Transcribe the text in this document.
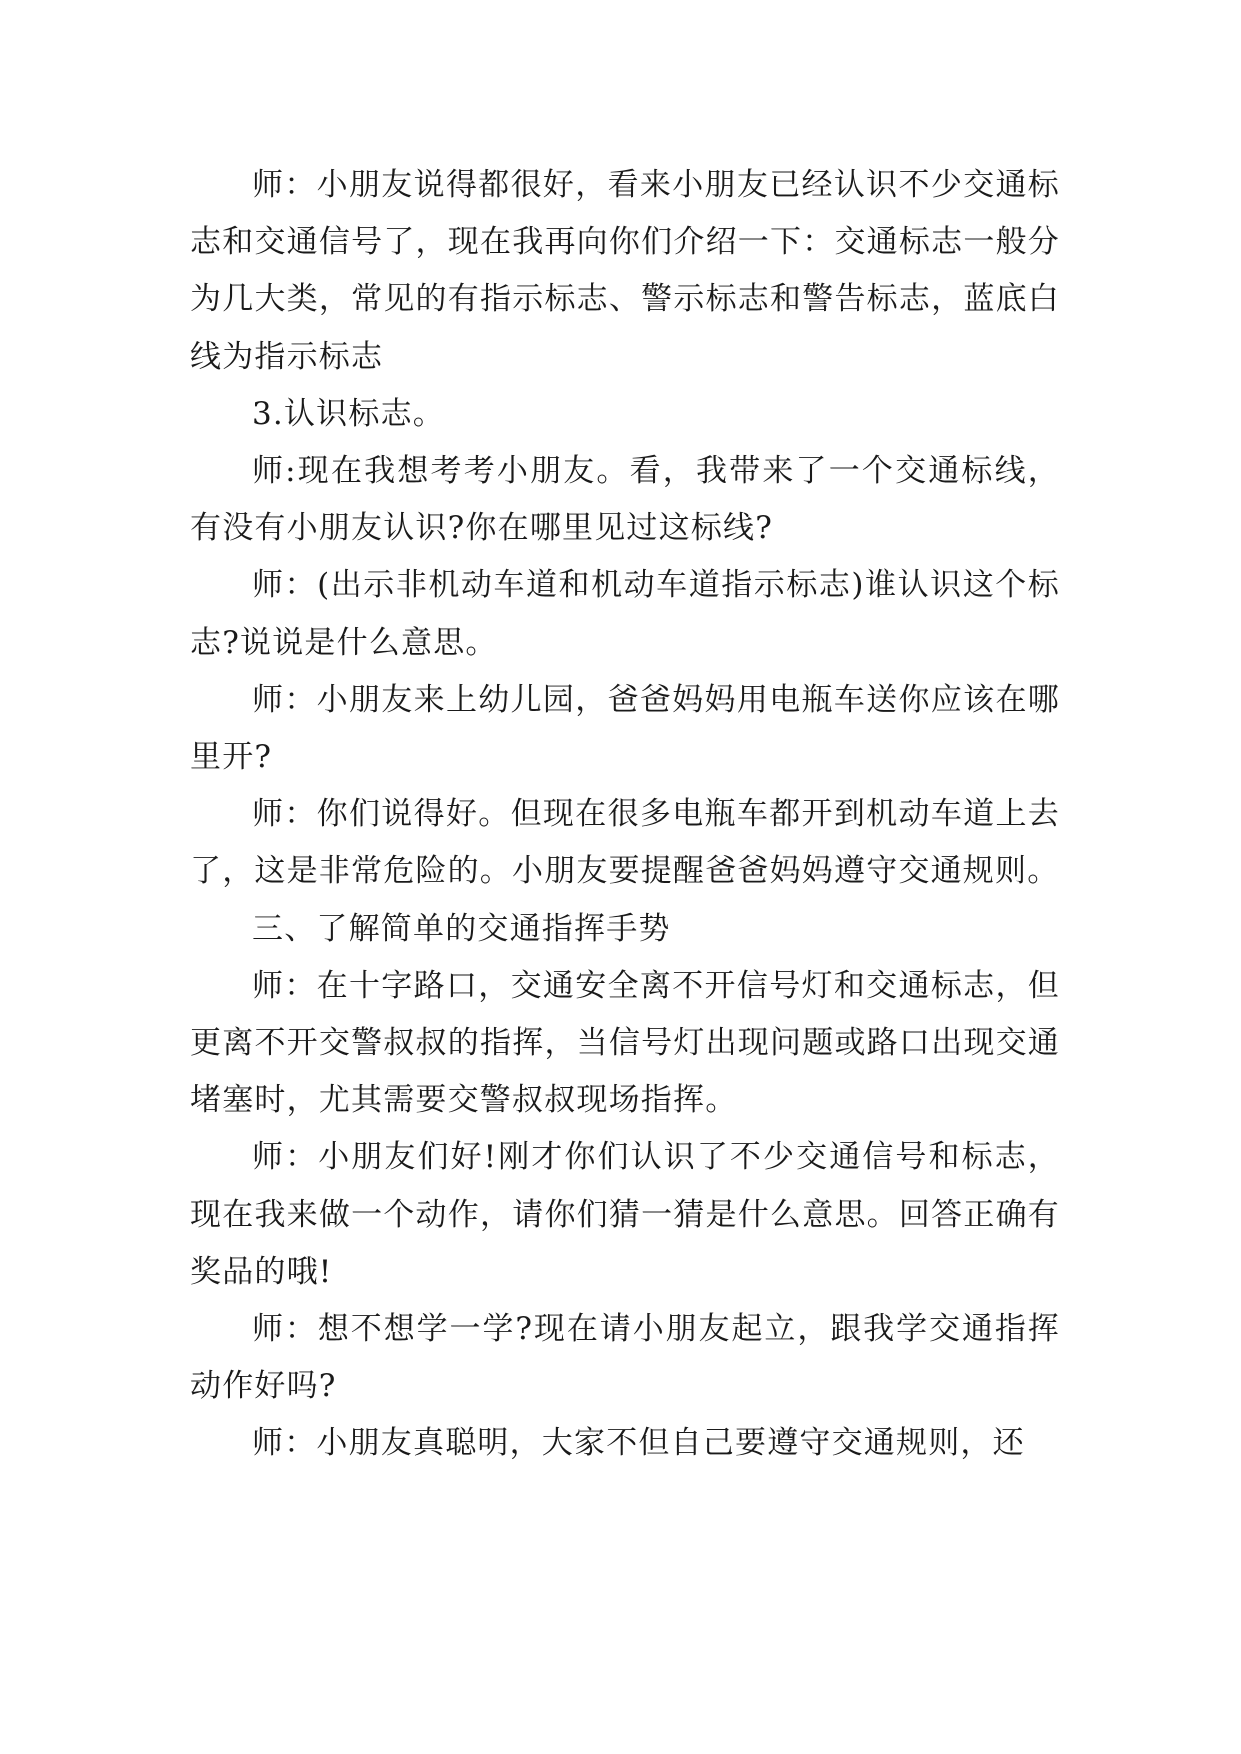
师：小朋友说得都很好，看来小朋友已经认识不少交通标志和交通信号了，现在我再向你们介绍一下：交通标志一般分为几大类，常见的有指示标志、警示标志和警告标志，蓝底白线为指示标志

3.认识标志。

师:现在我想考考小朋友。看，我带来了一个交通标线，有没有小朋友认识?你在哪里见过这标线?

师：(出示非机动车道和机动车道指示标志)谁认识这个标志?说说是什么意思。

师：小朋友来上幼儿园，爸爸妈妈用电瓶车送你应该在哪里开?

师：你们说得好。但现在很多电瓶车都开到机动车道上去了，这是非常危险的。小朋友要提醒爸爸妈妈遵守交通规则。

三、了解简单的交通指挥手势

师：在十字路口，交通安全离不开信号灯和交通标志，但更离不开交警叔叔的指挥，当信号灯出现问题或路口出现交通堵塞时，尤其需要交警叔叔现场指挥。

师：小朋友们好!刚才你们认识了不少交通信号和标志，现在我来做一个动作，请你们猜一猜是什么意思。回答正确有奖品的哦!

师：想不想学一学?现在请小朋友起立，跟我学交通指挥动作好吗?

师：小朋友真聪明，大家不但自己要遵守交通规则，还
